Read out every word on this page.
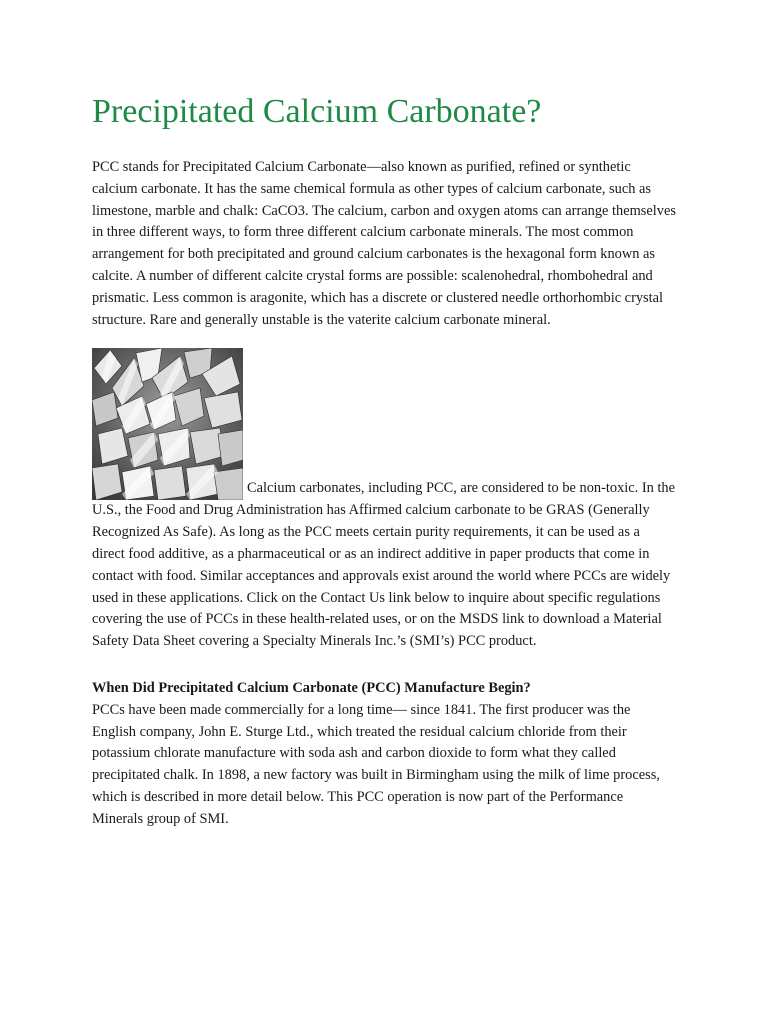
Precipitated Calcium Carbonate?

PCC stands for Precipitated Calcium Carbonate—also known as purified, refined or synthetic calcium carbonate. It has the same chemical formula as other types of calcium carbonate, such as limestone, marble and chalk: CaCO3. The calcium, carbon and oxygen atoms can arrange themselves in three different ways, to form three different calcium carbonate minerals. The most common arrangement for both precipitated and ground calcium carbonates is the hexagonal form known as calcite. A number of different calcite crystal forms are possible: scalenohedral, rhombohedral and prismatic. Less common is aragonite, which has a discrete or clustered needle orthorhombic crystal structure. Rare and generally unstable is the vaterite calcium carbonate mineral.

Calcium carbonates, including PCC, are considered to be non-toxic. In the U.S., the Food and Drug Administration has Affirmed calcium carbonate to be GRAS (Generally Recognized As Safe). As long as the PCC meets certain purity requirements, it can be used as a direct food additive, as a pharmaceutical or as an indirect additive in paper products that come in contact with food. Similar acceptances and approvals exist around the world where PCCs are widely used in these applications. Click on the Contact Us link below to inquire about specific regulations covering the use of PCCs in these health-related uses, or on the MSDS link to download a Material Safety Data Sheet covering a Specialty Minerals Inc.’s (SMI’s) PCC product.
When Did Precipitated Calcium Carbonate (PCC) Manufacture Begin?

PCCs have been made commercially for a long time— since 1841. The first producer was the English company, John E. Sturge Ltd., which treated the residual calcium chloride from their potassium chlorate manufacture with soda ash and carbon dioxide to form what they called precipitated chalk. In 1898, a new factory was built in Birmingham using the milk of lime process, which is described in more detail below. This PCC operation is now part of the Performance Minerals group of SMI.
